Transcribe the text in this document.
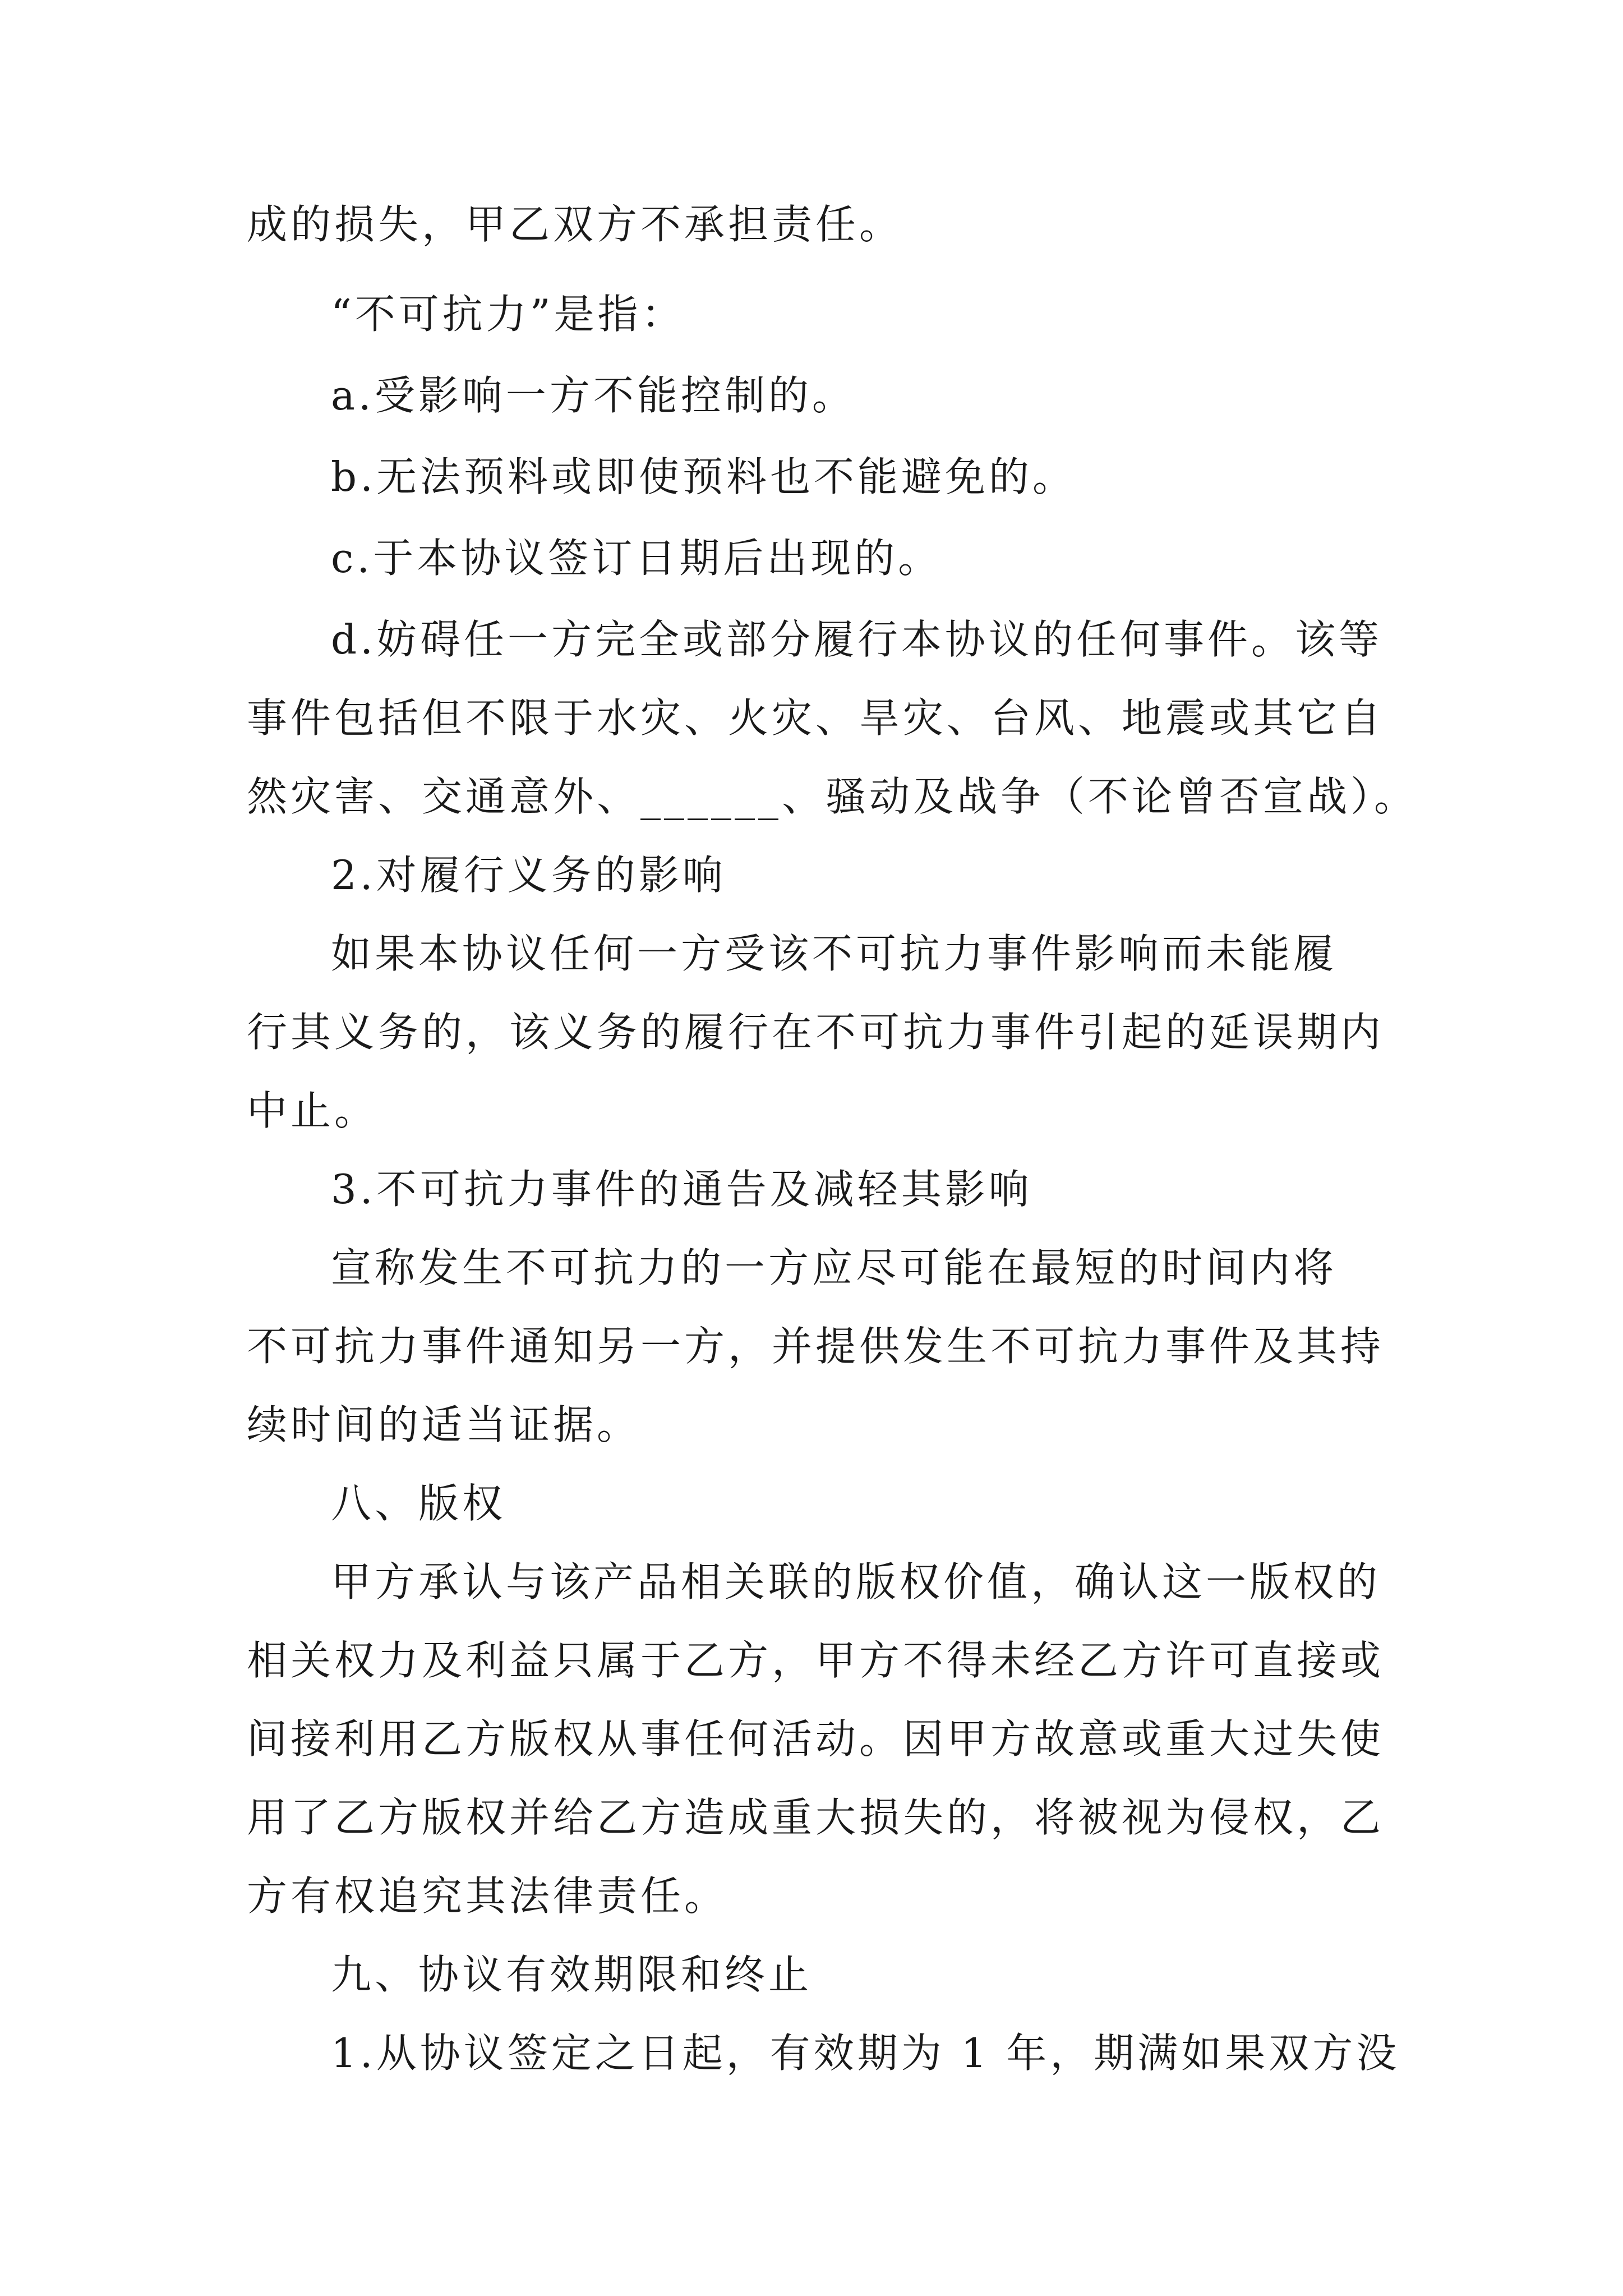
成的损失，甲乙双方不承担责任。
“不可抗力”是指：
a.受影响一方不能控制的。
b.无法预料或即使预料也不能避免的。
c.于本协议签订日期后出现的。
d.妨碍任一方完全或部分履行本协议的任何事件。该等
事件包括但不限于水灾、火灾、旱灾、台风、地震或其它自
然灾害、交通意外、______、骚动及战争（不论曾否宣战）。
2.对履行义务的影响
如果本协议任何一方受该不可抗力事件影响而未能履
行其义务的，该义务的履行在不可抗力事件引起的延误期内
中止。
3.不可抗力事件的通告及减轻其影响
宣称发生不可抗力的一方应尽可能在最短的时间内将
不可抗力事件通知另一方，并提供发生不可抗力事件及其持
续时间的适当证据。
八、版权
甲方承认与该产品相关联的版权价值，确认这一版权的
相关权力及利益只属于乙方，甲方不得未经乙方许可直接或
间接利用乙方版权从事任何活动。因甲方故意或重大过失使
用了乙方版权并给乙方造成重大损失的，将被视为侵权，乙
方有权追究其法律责任。
九、协议有效期限和终止
1.从协议签定之日起，有效期为 1 年，期满如果双方没
